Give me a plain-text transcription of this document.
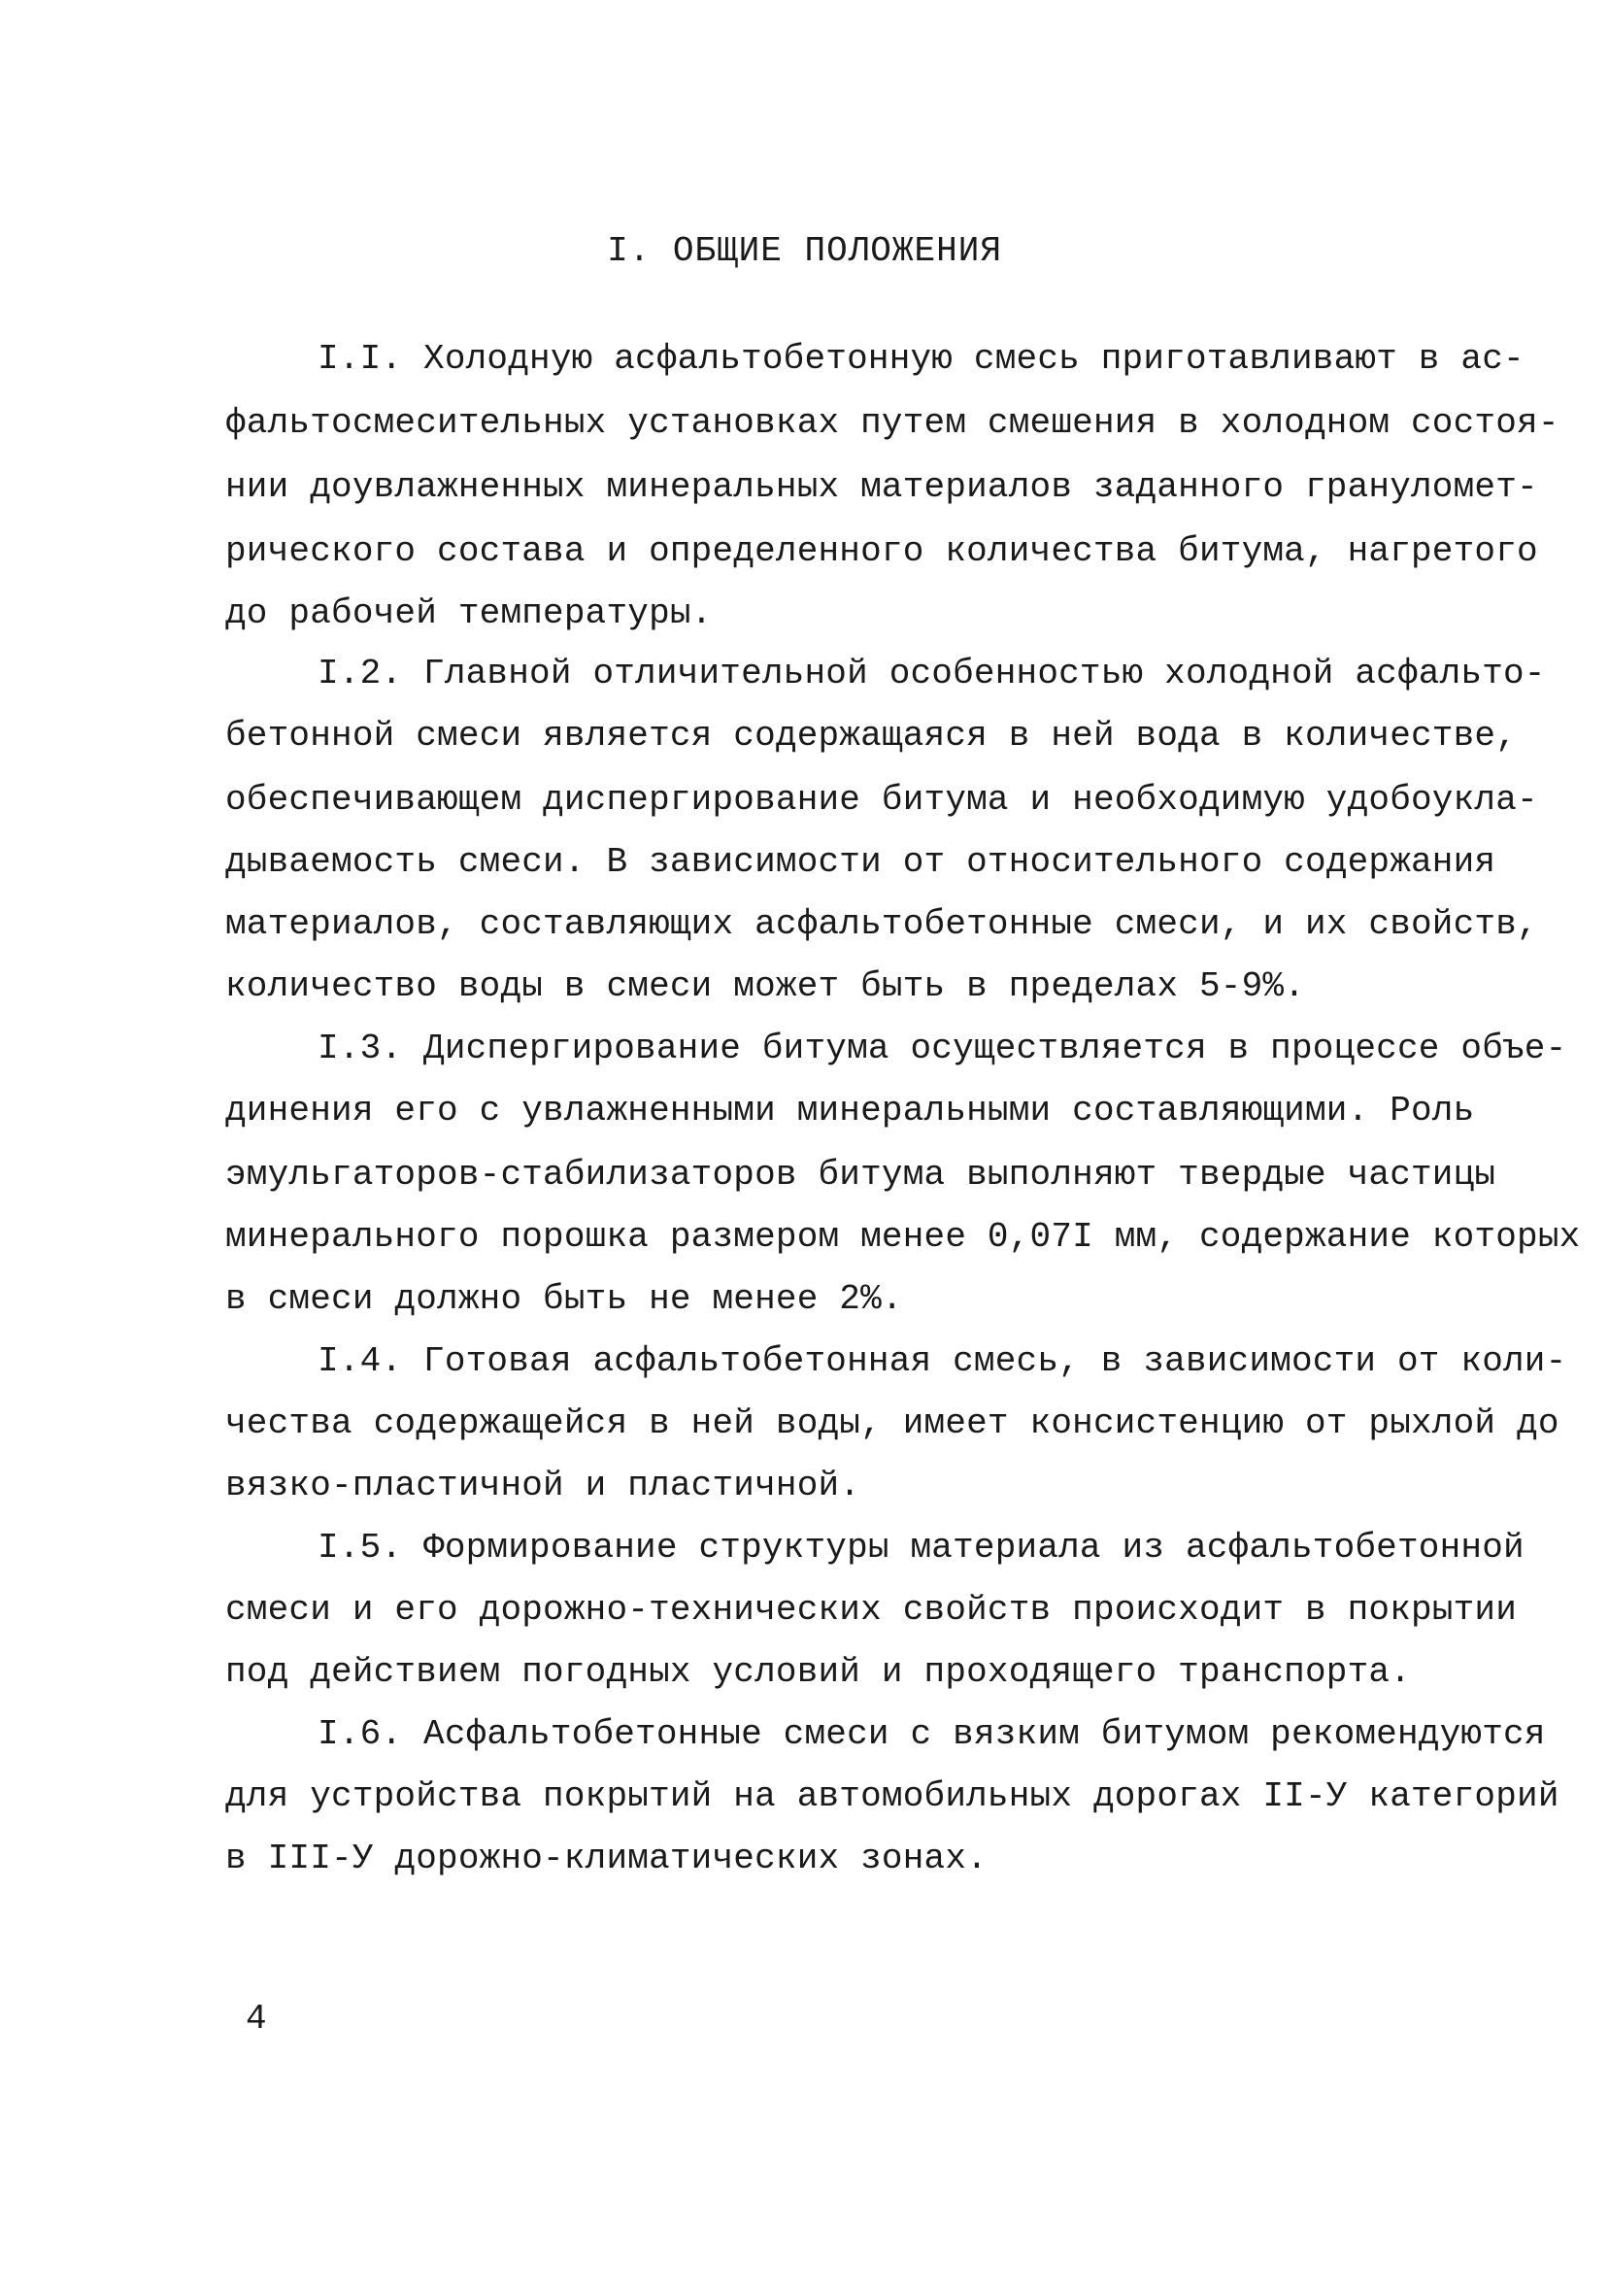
I. ОБЩИЕ ПОЛОЖЕНИЯ
I.I. Холодную асфальтобетонную смесь приготавливают в ас-
фальтосмесительных установках путем смешения в холодном состоя-
нии доувлажненных минеральных материалов заданного грануломет-
рического состава и определенного количества битума, нагретого
до рабочей температуры.
I.2. Главной отличительной особенностью холодной асфальто-
бетонной смеси является содержащаяся в ней вода в количестве,
обеспечивающем диспергирование битума и необходимую удобоукла-
дываемость смеси. В зависимости от относительного содержания
материалов, составляющих асфальтобетонные смеси, и их свойств,
количество воды в смеси может быть в пределах 5-9%.
I.3. Диспергирование битума осуществляется в процессе объе-
динения его с увлажненными минеральными составляющими. Роль
эмульгаторов-стабилизаторов битума выполняют твердые частицы
минерального порошка размером менее 0,07I мм, содержание которых
в смеси должно быть не менее 2%.
I.4. Готовая асфальтобетонная смесь, в зависимости от коли-
чества содержащейся в ней воды, имеет консистенцию от рыхлой до
вязко-пластичной и пластичной.
I.5. Формирование структуры материала из асфальтобетонной
смеси и его дорожно-технических свойств происходит в покрытии
под действием погодных условий и проходящего транспорта.
I.6. Асфальтобетонные смеси с вязким битумом рекомендуются
для устройства покрытий на автомобильных дорогах II-У категорий
в III-У дорожно-климатических зонах.
4
